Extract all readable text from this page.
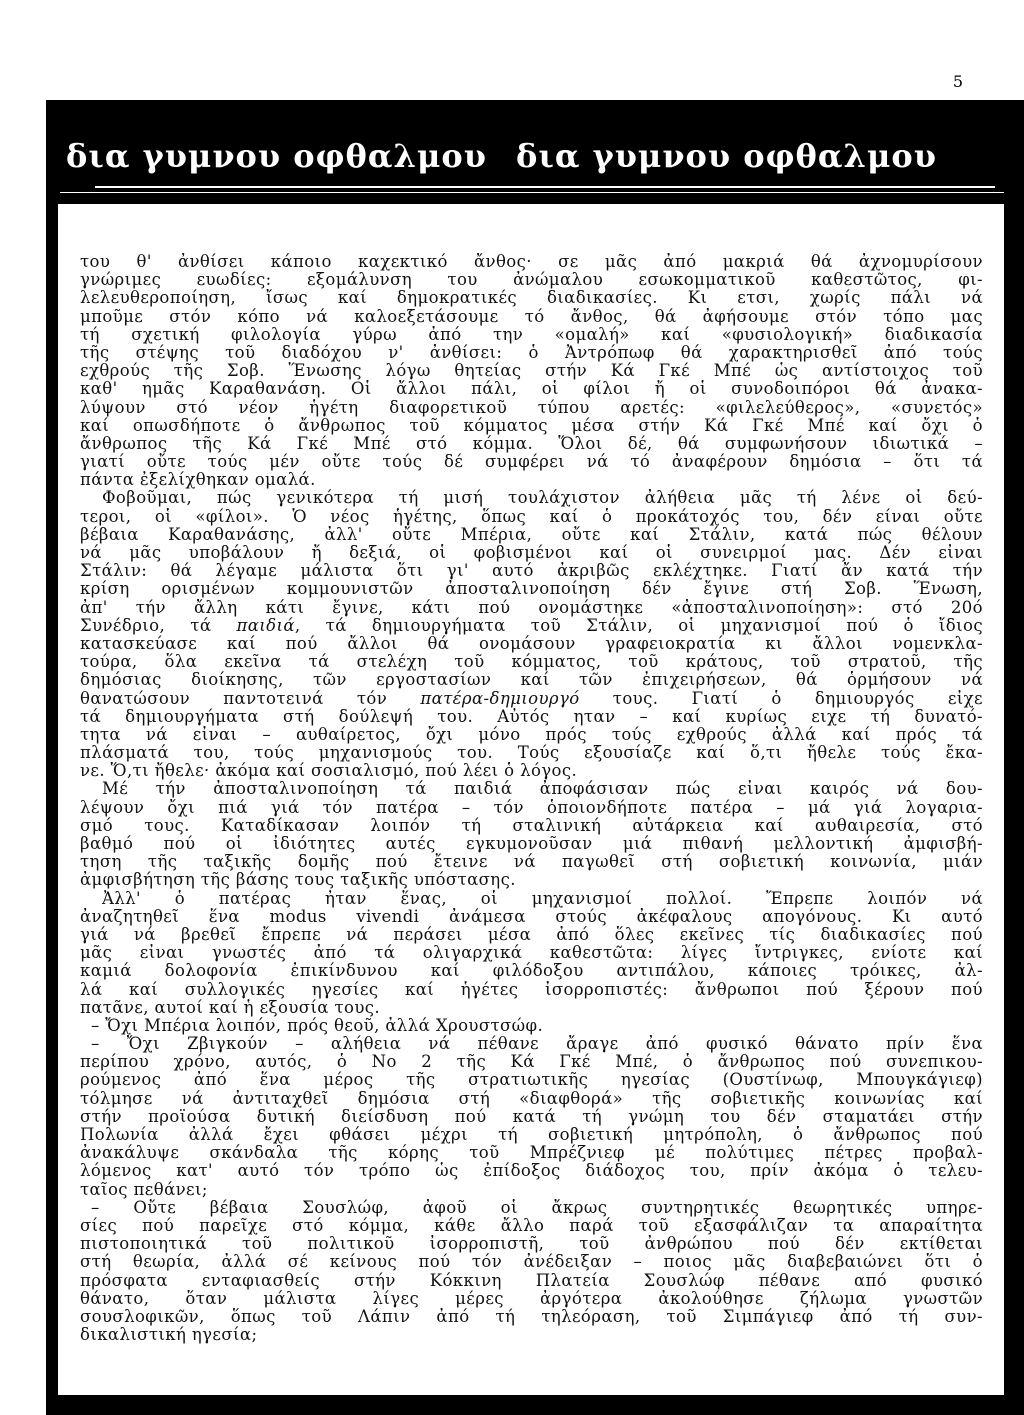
5
δια γυμνου οφθαλμου δια γυμνου οφθαλμου
του θ' ἀνθίσει κάποιο καχεκτικό ἄνθος· σε μᾶς ἀπό μακριά θά ἀχνομυρίσουν
γνώριμες ευωδίες: εξομάλυνση του ἀνώμαλου εσωκομματικοῦ καθεστῶτος, φι-
λελευθεροποίηση, ἴσως καί δημοκρατικές διαδικασίες. Κι ετσι, χωρίς πάλι νά
μποῦμε στόν κόπο νά καλοεξετάσουμε τό ἄνθος, θά ἀφήσουμε στόν τόπο μας
τή σχετική φιλολογία γύρω ἀπό την «ομαλή» καί «φυσιολογική» διαδικασία
τῆς στέψης τοῦ διαδόχου ν' ἀνθίσει: ὁ Ἀντρόπωφ θά χαρακτηρισθεῖ ἀπό τούς
εχθρούς τῆς Σοβ. Ἕνωσης λόγω θητείας στήν Κά Γκέ Μπέ ὡς αντίστοιχος τοῦ
καθ' ημᾶς Καραθανάση. Οἱ ἄλλοι πάλι, οἱ φίλοι ἤ οἱ συνοδοιπόροι θά ἀνακα-
λύψουν στό νέον ἡγέτη διαφορετικοῦ τύπου αρετές: «φιλελεύθερος», «συνετός»
καί οπωσδήποτε ὁ ἄνθρωπος τοῦ κόμματος μέσα στήν Κά Γκέ Μπέ καί ὄχι ὁ
ἄνθρωπος τῆς Κά Γκέ Μπέ στό κόμμα. Ὅλοι δέ, θά συμφωνήσουν ιδιωτικά –
γιατί οὔτε τούς μέν οὔτε τούς δέ συμφέρει νά τό ἀναφέρουν δημόσια – ὅτι τά
πάντα ἐξελίχθηκαν ομαλά.
Φοβοῦμαι, πώς γενικότερα τή μισή τουλάχιστον ἀλήθεια μᾶς τή λένε οἱ δεύ-
τεροι, οἱ «φίλοι». Ὁ νέος ἡγέτης, ὅπως καί ὁ προκάτοχός του, δέν είναι οὔτε
βέβαια Καραθανάσης, ἀλλ' οὔτε Μπέρια, οὔτε καί Στάλιν, κατά πώς θέλουν
νά μᾶς υποβάλουν ἤ δεξιά, οἱ φοβισμένοι καί οἱ συνειρμοί μας. Δέν εἶναι
Στάλιν: θά λέγαμε μάλιστα ὅτι γι' αυτό ἀκριβῶς εκλέχτηκε. Γιατί ἄν κατά τήν
κρίση ορισμένων κομμουνιστῶν ἀποσταλινοποίηση δέν ἔγινε στή Σοβ. Ἕνωση,
ἀπ' τήν ἄλλη κάτι ἔγινε, κάτι πού ονομάστηκε «ἀποσταλινοποίηση»: στό 20ό
Συνέδριο, τά παιδιά, τά δημιουργήματα τοῦ Στάλιν, οἱ μηχανισμοί πού ὁ ἴδιος
κατασκεύασε καί πού ἄλλοι θά ονομάσουν γραφειοκρατία κι ἄλλοι νομενκλα-
τούρα, ὅλα εκεῖνα τά στελέχη τοῦ κόμματος, τοῦ κράτους, τοῦ στρατοῦ, τῆς
δημόσιας διοίκησης, τῶν εργοστασίων καί τῶν ἐπιχειρήσεων, θά ὁρμήσουν νά
θανατώσουν παντοτεινά τόν πατέρα-δημιουργό τους. Γιατί ὁ δημιουργός εἶχε
τά δημιουργήματα στή δούλεψή του. Αὐτός ηταν – καί κυρίως ειχε τή δυνατό-
τητα νά εἶναι – αυθαίρετος, ὄχι μόνο πρός τούς εχθρούς ἀλλά καί πρός τά
πλάσματά του, τούς μηχανισμούς του. Τούς εξουσίαζε καί ὅ,τι ἤθελε τούς ἔκα-
νε. Ὅ,τι ἤθελε· ἀκόμα καί σοσιαλισμό, πού λέει ὁ λόγος.
Μέ τήν ἀποσταλινοποίηση τά παιδιά ἀποφάσισαν πώς εἶναι καιρός νά δου-
λέψουν ὄχι πιά γιά τόν πατέρα – τόν ὁποιονδήποτε πατέρα – μά γιά λογαρια-
σμό τους. Καταδίκασαν λοιπόν τή σταλινική αὐτάρκεια καί αυθαιρεσία, στό
βαθμό πού οἱ ἰδιότητες αυτές εγκυμονοῦσαν μιά πιθανή μελλοντική ἀμφισβή-
τηση τῆς ταξικῆς δομῆς πού ἔτεινε νά παγωθεῖ στή σοβιετική κοινωνία, μιάν
ἀμφισβήτηση τῆς βάσης τους ταξικῆς υπόστασης.
Ἀλλ' ὁ πατέρας ἦταν ἕνας, οἱ μηχανισμοί πολλοί. Ἔπρεπε λοιπόν νά
ἀναζητηθεῖ ἕνα modus vivendi ἀνάμεσα στούς ἀκέφαλους απογόνους. Κι αυτό
γιά νά βρεθεῖ ἔπρεπε νά περάσει μέσα ἀπό ὅλες εκεῖνες τίς διαδικασίες πού
μᾶς εἶναι γνωστές ἀπό τά ολιγαρχικά καθεστῶτα: λίγες ἴντριγκες, ενίοτε καί
καμιά δολοφονία ἐπικίνδυνου καί φιλόδοξου αντιπάλου, κάποιες τρόικες, ἀλ-
λά καί συλλογικές ηγεσίες καί ἡγέτες ἰσορροπιστές: ἄνθρωποι πού ξέρουν πού
πατᾶνε, αυτοί καί ἡ εξουσία τους.
– Ὄχι Μπέρια λοιπόν, πρός θεοῦ, ἀλλά Χρουστσώφ.
– Ὄχι Ζβιγκούν – αλήθεια νά πέθανε ἄραγε ἀπό φυσικό θάνατο πρίν ἕνα
περίπου χρόνο, αυτός, ὁ Νο 2 τῆς Κά Γκέ Μπέ, ὁ ἄνθρωπος πού συνεπικου-
ρούμενος ἀπό ἕνα μέρος τῆς στρατιωτικῆς ηγεσίας (Ουστίνωφ, Μπουγκάγιεφ)
τόλμησε νά ἀντιταχθεῖ δημόσια στή «διαφθορά» τῆς σοβιετικῆς κοινωνίας καί
στήν προϊούσα δυτική διείσδυση πού κατά τή γνώμη του δέν σταματάει στήν
Πολωνία ἀλλά ἔχει φθάσει μέχρι τή σοβιετική μητρόπολη, ὁ ἄνθρωπος πού
ἀνακάλυψε σκάνδαλα τῆς κόρης τοῦ Μπρέζνιεφ μέ πολύτιμες πέτρες προβαλ-
λόμενος κατ' αυτό τόν τρόπο ὡς ἐπίδοξος διάδοχος του, πρίν ἀκόμα ὁ τελευ-
ταῖος πεθάνει;
– Οὔτε βέβαια Σουσλώφ, ἀφοῦ οἱ ἄκρως συντηρητικές θεωρητικές υπηρε-
σίες πού παρεῖχε στό κόμμα, κάθε ἄλλο παρά τοῦ εξασφάλιζαν τα απαραίτητα
πιστοποιητικά τοῦ πολιτικοῦ ἰσορροπιστῆ, τοῦ ἀνθρώπου πού δέν εκτίθεται
στή θεωρία, ἀλλά σέ κείνους πού τόν ἀνέδειξαν – ποιος μᾶς διαβεβαιώνει ὅτι ὁ
πρόσφατα ενταφιασθείς στήν Κόκκινη Πλατεία Σουσλώφ πέθανε από φυσικό
θάνατο, ὅταν μάλιστα λίγες μέρες ἀργότερα ἀκολούθησε ζήλωμα γνωστῶν
σουσλοφικῶν, ὅπως τοῦ Λάπιν ἀπό τή τηλεόραση, τοῦ Σιμπάγιεφ ἀπό τή συν-
δικαλιστική ηγεσία;
